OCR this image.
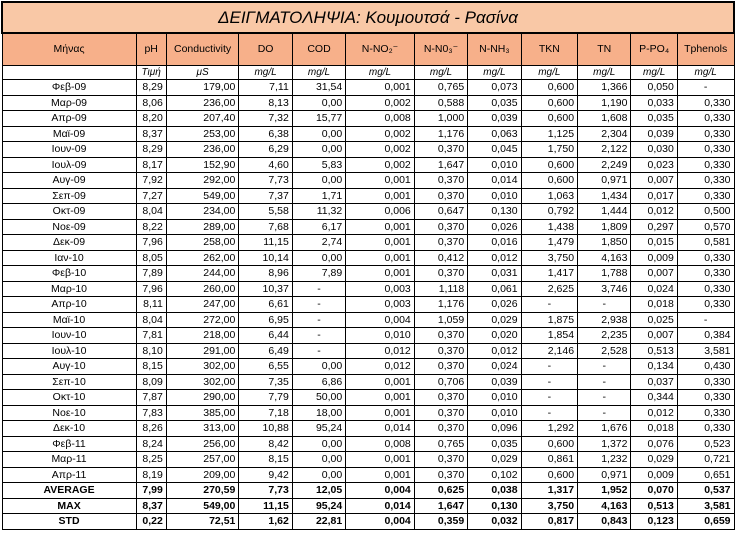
ΔΕΙΓΜΑΤΟΛΗΨΙΑ: Κουμουτσά - Ρασίνα											
Μήνας	pH	Conductivity	DO	COD	N-NO₂⁻	N-N0₃⁻	N-NH₃	TKN	TN	P-PO₄	Tphenols
	Τιμή	μS	mg/L	mg/L	mg/L	mg/L	mg/L	mg/L	mg/L	mg/L	mg/L
Φεβ-09	8,29	179,00	7,11	31,54	0,001	0,765	0,073	0,600	1,366	0,050	-
Μαρ-09	8,06	236,00	8,13	0,00	0,002	0,588	0,035	0,600	1,190	0,033	0,330
Απρ-09	8,20	207,40	7,32	15,77	0,008	1,000	0,039	0,600	1,608	0,035	0,330
Μαϊ-09	8,37	253,00	6,38	0,00	0,002	1,176	0,063	1,125	2,304	0,039	0,330
Ιουν-09	8,29	236,00	6,29	0,00	0,002	0,370	0,045	1,750	2,122	0,030	0,330
Ιουλ-09	8,17	152,90	4,60	5,83	0,002	1,647	0,010	0,600	2,249	0,023	0,330
Αυγ-09	7,92	292,00	7,73	0,00	0,001	0,370	0,014	0,600	0,971	0,007	0,330
Σεπ-09	7,27	549,00	7,37	1,71	0,001	0,370	0,010	1,063	1,434	0,017	0,330
Οκτ-09	8,04	234,00	5,58	11,32	0,006	0,647	0,130	0,792	1,444	0,012	0,500
Νοε-09	8,22	289,00	7,68	6,17	0,001	0,370	0,026	1,438	1,809	0,297	0,570
Δεκ-09	7,96	258,00	11,15	2,74	0,001	0,370	0,016	1,479	1,850	0,015	0,581
Ιαν-10	8,05	262,00	10,14	0,00	0,001	0,412	0,012	3,750	4,163	0,009	0,330
Φεβ-10	7,89	244,00	8,96	7,89	0,001	0,370	0,031	1,417	1,788	0,007	0,330
Μαρ-10	7,96	260,00	10,37	-	0,003	1,118	0,061	2,625	3,746	0,024	0,330
Απρ-10	8,11	247,00	6,61	-	0,003	1,176	0,026	-	-	0,018	0,330
Μαϊ-10	8,04	272,00	6,95	-	0,004	1,059	0,029	1,875	2,938	0,025	-
Ιουν-10	7,81	218,00	6,44	-	0,010	0,370	0,020	1,854	2,235	0,007	0,384
Ιουλ-10	8,10	291,00	6,49	-	0,012	0,370	0,012	2,146	2,528	0,513	3,581
Αυγ-10	8,15	302,00	6,55	0,00	0,012	0,370	0,024	-	-	0,134	0,430
Σεπ-10	8,09	302,00	7,35	6,86	0,001	0,706	0,039	-	-	0,037	0,330
Οκτ-10	7,87	290,00	7,79	50,00	0,001	0,370	0,010	-	-	0,344	0,330
Νοε-10	7,83	385,00	7,18	18,00	0,001	0,370	0,010	-	-	0,012	0,330
Δεκ-10	8,26	313,00	10,88	95,24	0,014	0,370	0,096	1,292	1,676	0,018	0,330
Φεβ-11	8,24	256,00	8,42	0,00	0,008	0,765	0,035	0,600	1,372	0,076	0,523
Μαρ-11	8,25	257,00	8,15	0,00	0,001	0,370	0,029	0,861	1,232	0,029	0,721
Απρ-11	8,19	209,00	9,42	0,00	0,001	0,370	0,102	0,600	0,971	0,009	0,651
AVERAGE	7,99	270,59	7,73	12,05	0,004	0,625	0,038	1,317	1,952	0,070	0,537
MAX	8,37	549,00	11,15	95,24	0,014	1,647	0,130	3,750	4,163	0,513	3,581
STD	0,22	72,51	1,62	22,81	0,004	0,359	0,032	0,817	0,843	0,123	0,659
